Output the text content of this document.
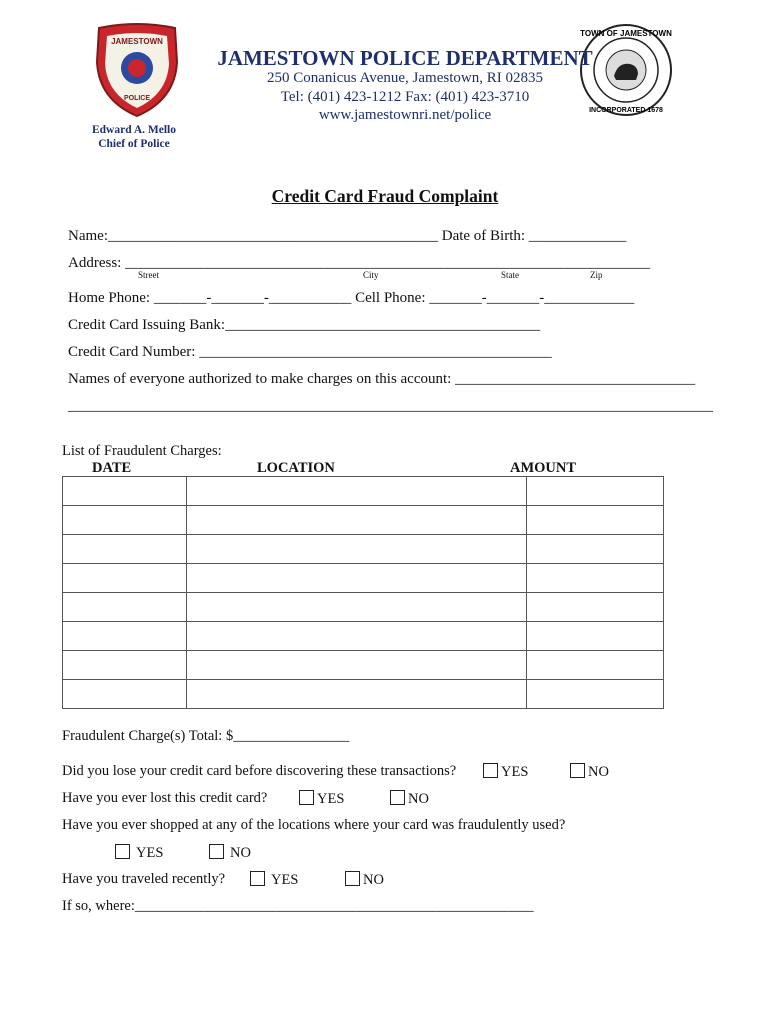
JAMESTOWN
POLICE
TOWN OF JAMESTOWN
INCORPORATED 1678
JAMESTOWN POLICE DEPARTMENT
250 Conanicus Avenue, Jamestown, RI 02835
Tel: (401) 423-1212 Fax: (401) 423-3710
www.jamestownri.net/police
Edward A. Mello
Chief of Police
Credit Card Fraud Complaint
Name:____________________________________________ Date of Birth: _____________
Address: ______________________________________________________________________
Street	City	State	Zip
Home Phone: _______-_______-___________ Cell Phone: _______-_______-____________
Credit Card Issuing Bank:__________________________________________
Credit Card Number: _______________________________________________
Names of everyone authorized to make charges on this account: ________________________________
______________________________________________________________________________________
List of Fraudulent Charges:
DATE	LOCATION	AMOUNT

Fraudulent Charge(s) Total: $________________
Did you lose your credit card before discovering these transactions?	YES	NO
Have you ever lost this credit card?	YES	NO
Have you ever shopped at any of the locations where your card was fraudulently used?
YES	NO
Have you traveled recently?	YES	NO
If so, where:_______________________________________________________
